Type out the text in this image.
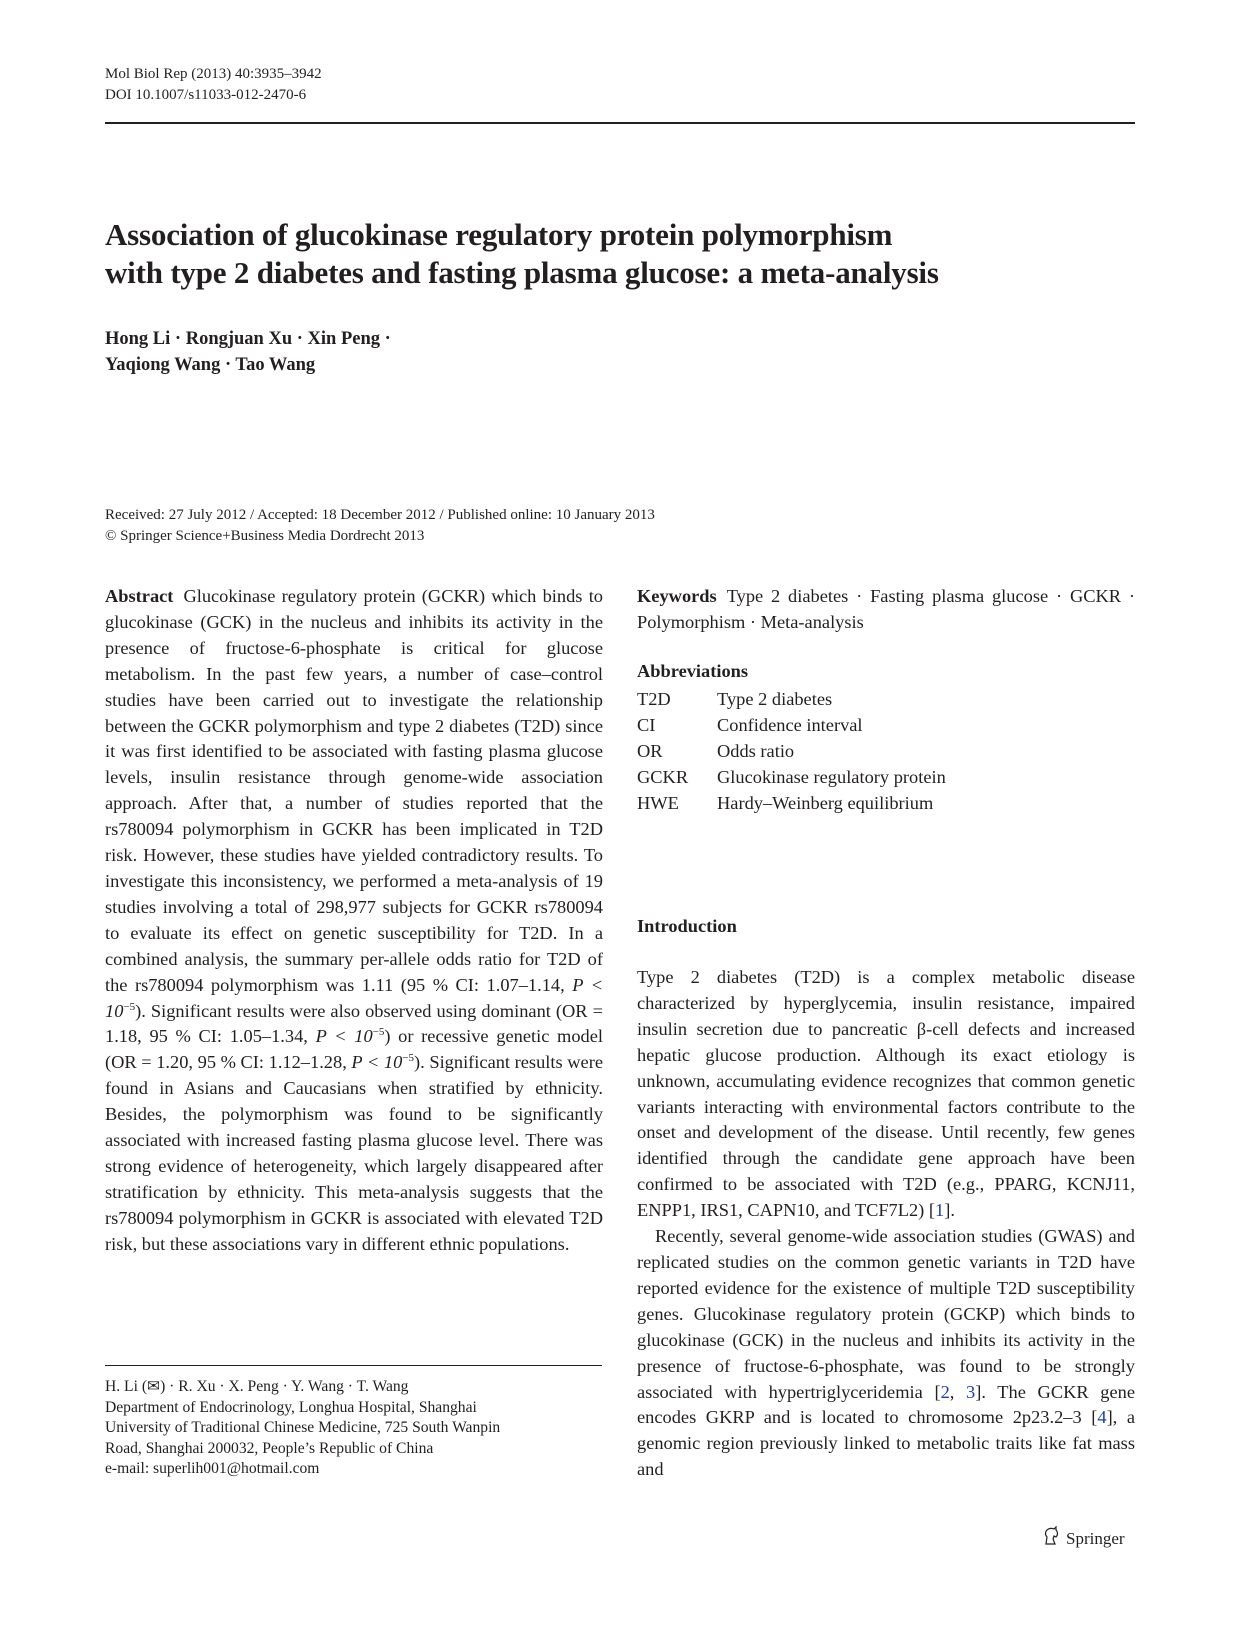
Mol Biol Rep (2013) 40:3935–3942
DOI 10.1007/s11033-012-2470-6
Association of glucokinase regulatory protein polymorphism
with type 2 diabetes and fasting plasma glucose: a meta-analysis
Hong Li · Rongjuan Xu · Xin Peng ·
Yaqiong Wang · Tao Wang
Received: 27 July 2012 / Accepted: 18 December 2012 / Published online: 10 January 2013
© Springer Science+Business Media Dordrecht 2013
Abstract Glucokinase regulatory protein (GCKR) which binds to glucokinase (GCK) in the nucleus and inhibits its activity in the presence of fructose-6-phosphate is critical for glucose metabolism. In the past few years, a number of case–control studies have been carried out to investigate the relationship between the GCKR polymorphism and type 2 diabetes (T2D) since it was first identified to be associated with fasting plasma glucose levels, insulin resistance through genome-wide association approach. After that, a number of studies reported that the rs780094 polymorphism in GCKR has been implicated in T2D risk. However, these studies have yielded contradictory results. To investigate this inconsistency, we performed a meta-analysis of 19 studies involving a total of 298,977 subjects for GCKR rs780094 to evaluate its effect on genetic susceptibility for T2D. In a combined analysis, the summary per-allele odds ratio for T2D of the rs780094 polymorphism was 1.11 (95 % CI: 1.07–1.14, $P < 10^{-5}$). Significant results were also observed using dominant (OR = 1.18, 95 % CI: 1.05–1.34, $P < 10^{-5}$) or recessive genetic model (OR = 1.20, 95 % CI: 1.12–1.28, $P < 10^{-5}$). Significant results were found in Asians and Caucasians when stratified by ethnicity. Besides, the polymorphism was found to be significantly associated with increased fasting plasma glucose level. There was strong evidence of heterogeneity, which largely disappeared after stratification by ethnicity. This meta-analysis suggests that the rs780094 polymorphism in GCKR is associated with elevated T2D risk, but these associations vary in different ethnic populations.
Keywords Type 2 diabetes · Fasting plasma glucose · GCKR · Polymorphism · Meta-analysis
Abbreviations
T2D	Type 2 diabetes
CI	Confidence interval
OR	Odds ratio
GCKR	Glucokinase regulatory protein
HWE	Hardy–Weinberg equilibrium
Introduction
Type 2 diabetes (T2D) is a complex metabolic disease characterized by hyperglycemia, insulin resistance, impaired insulin secretion due to pancreatic β-cell defects and increased hepatic glucose production. Although its exact etiology is unknown, accumulating evidence recognizes that common genetic variants interacting with environmental factors contribute to the onset and development of the disease. Until recently, few genes identified through the candidate gene approach have been confirmed to be associated with T2D (e.g., PPARG, KCNJ11, ENPP1, IRS1, CAPN10, and TCF7L2) [1].
Recently, several genome-wide association studies (GWAS) and replicated studies on the common genetic variants in T2D have reported evidence for the existence of multiple T2D susceptibility genes. Glucokinase regulatory protein (GCKP) which binds to glucokinase (GCK) in the nucleus and inhibits its activity in the presence of fructose-6-phosphate, was found to be strongly associated with hypertriglyceridemia [2, 3]. The GCKR gene encodes GKRP and is located to chromosome 2p23.2–3 [4], a genomic region previously linked to metabolic traits like fat mass and
H. Li (✉) · R. Xu · X. Peng · Y. Wang · T. Wang
Department of Endocrinology, Longhua Hospital, Shanghai
University of Traditional Chinese Medicine, 725 South Wanpin
Road, Shanghai 200032, People’s Republic of China
e-mail: superlih001@hotmail.com
Springer
